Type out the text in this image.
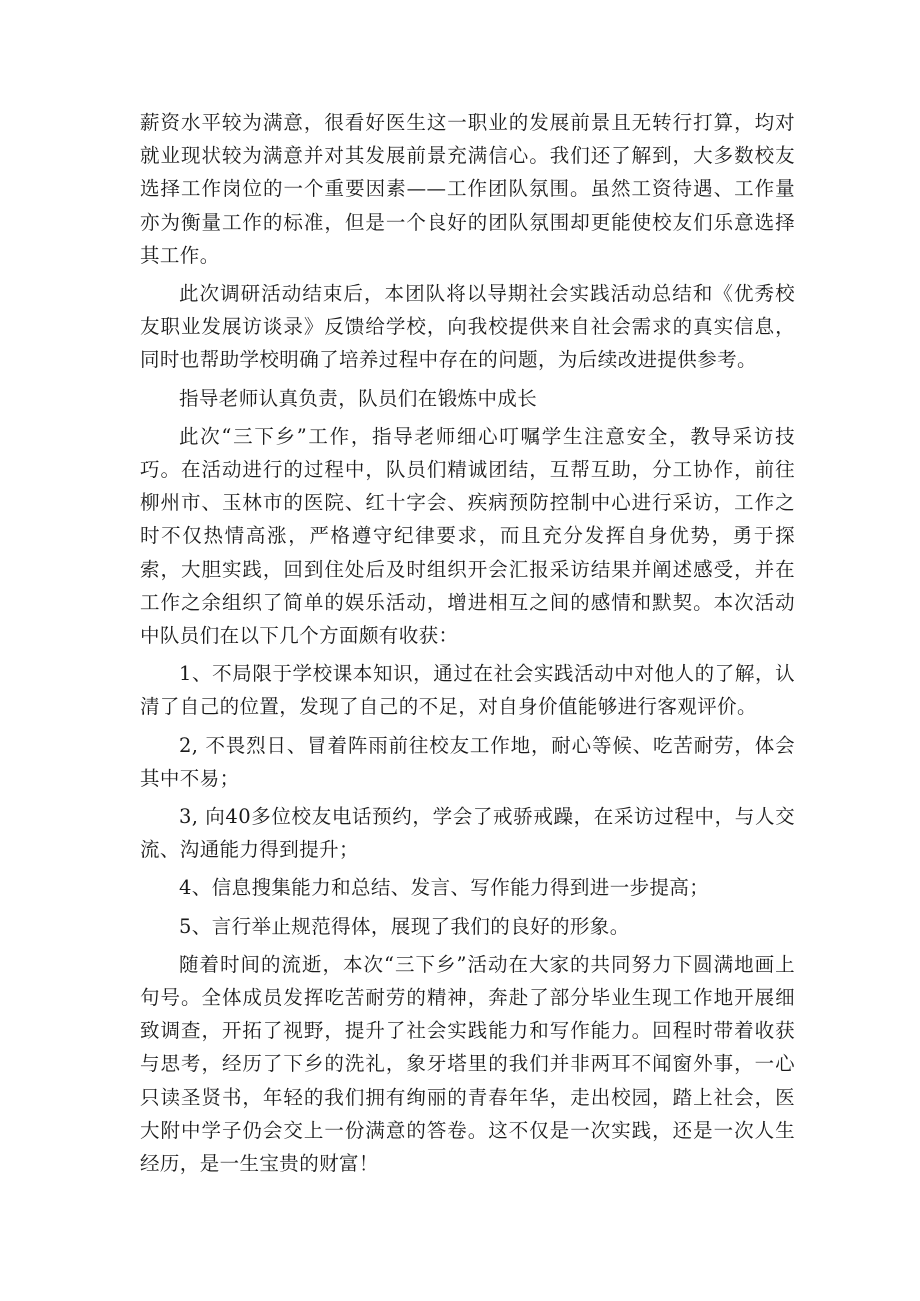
薪资水平较为满意，很看好医生这一职业的发展前景且无转行打算，均对就业现状较为满意并对其发展前景充满信心。我们还了解到，大多数校友选择工作岗位的一个重要因素——工作团队氛围。虽然工资待遇、工作量亦为衡量工作的标准，但是一个良好的团队氛围却更能使校友们乐意选择其工作。

此次调研活动结束后，本团队将以导期社会实践活动总结和《优秀校友职业发展访谈录》反馈给学校，向我校提供来自社会需求的真实信息，同时也帮助学校明确了培养过程中存在的问题，为后续改进提供参考。

指导老师认真负责，队员们在锻炼中成长

此次“三下乡”工作，指导老师细心叮嘱学生注意安全，教导采访技巧。在活动进行的过程中，队员们精诚团结，互帮互助，分工协作，前往柳州市、玉林市的医院、红十字会、疾病预防控制中心进行采访，工作之时不仅热情高涨，严格遵守纪律要求，而且充分发挥自身优势，勇于探索，大胆实践，回到住处后及时组织开会汇报采访结果并阐述感受，并在工作之余组织了简单的娱乐活动，增进相互之间的感情和默契。本次活动中队员们在以下几个方面颇有收获：

1、不局限于学校课本知识，通过在社会实践活动中对他人的了解，认清了自己的位置，发现了自己的不足，对自身价值能够进行客观评价。

2, 不畏烈日、冒着阵雨前往校友工作地，耐心等候、吃苦耐劳，体会其中不易；

3, 向40多位校友电话预约，学会了戒骄戒躁，在采访过程中，与人交流、沟通能力得到提升；

4、信息搜集能力和总结、发言、写作能力得到进一步提高；

5、言行举止规范得体，展现了我们的良好的形象。

随着时间的流逝，本次“三下乡”活动在大家的共同努力下圆满地画上句号。全体成员发挥吃苦耐劳的精神，奔赴了部分毕业生现工作地开展细致调查，开拓了视野，提升了社会实践能力和写作能力。回程时带着收获与思考，经历了下乡的洗礼，象牙塔里的我们并非两耳不闻窗外事，一心只读圣贤书，年轻的我们拥有绚丽的青春年华，走出校园，踏上社会，医大附中学子仍会交上一份满意的答卷。这不仅是一次实践，还是一次人生经历，是一生宝贵的财富！
